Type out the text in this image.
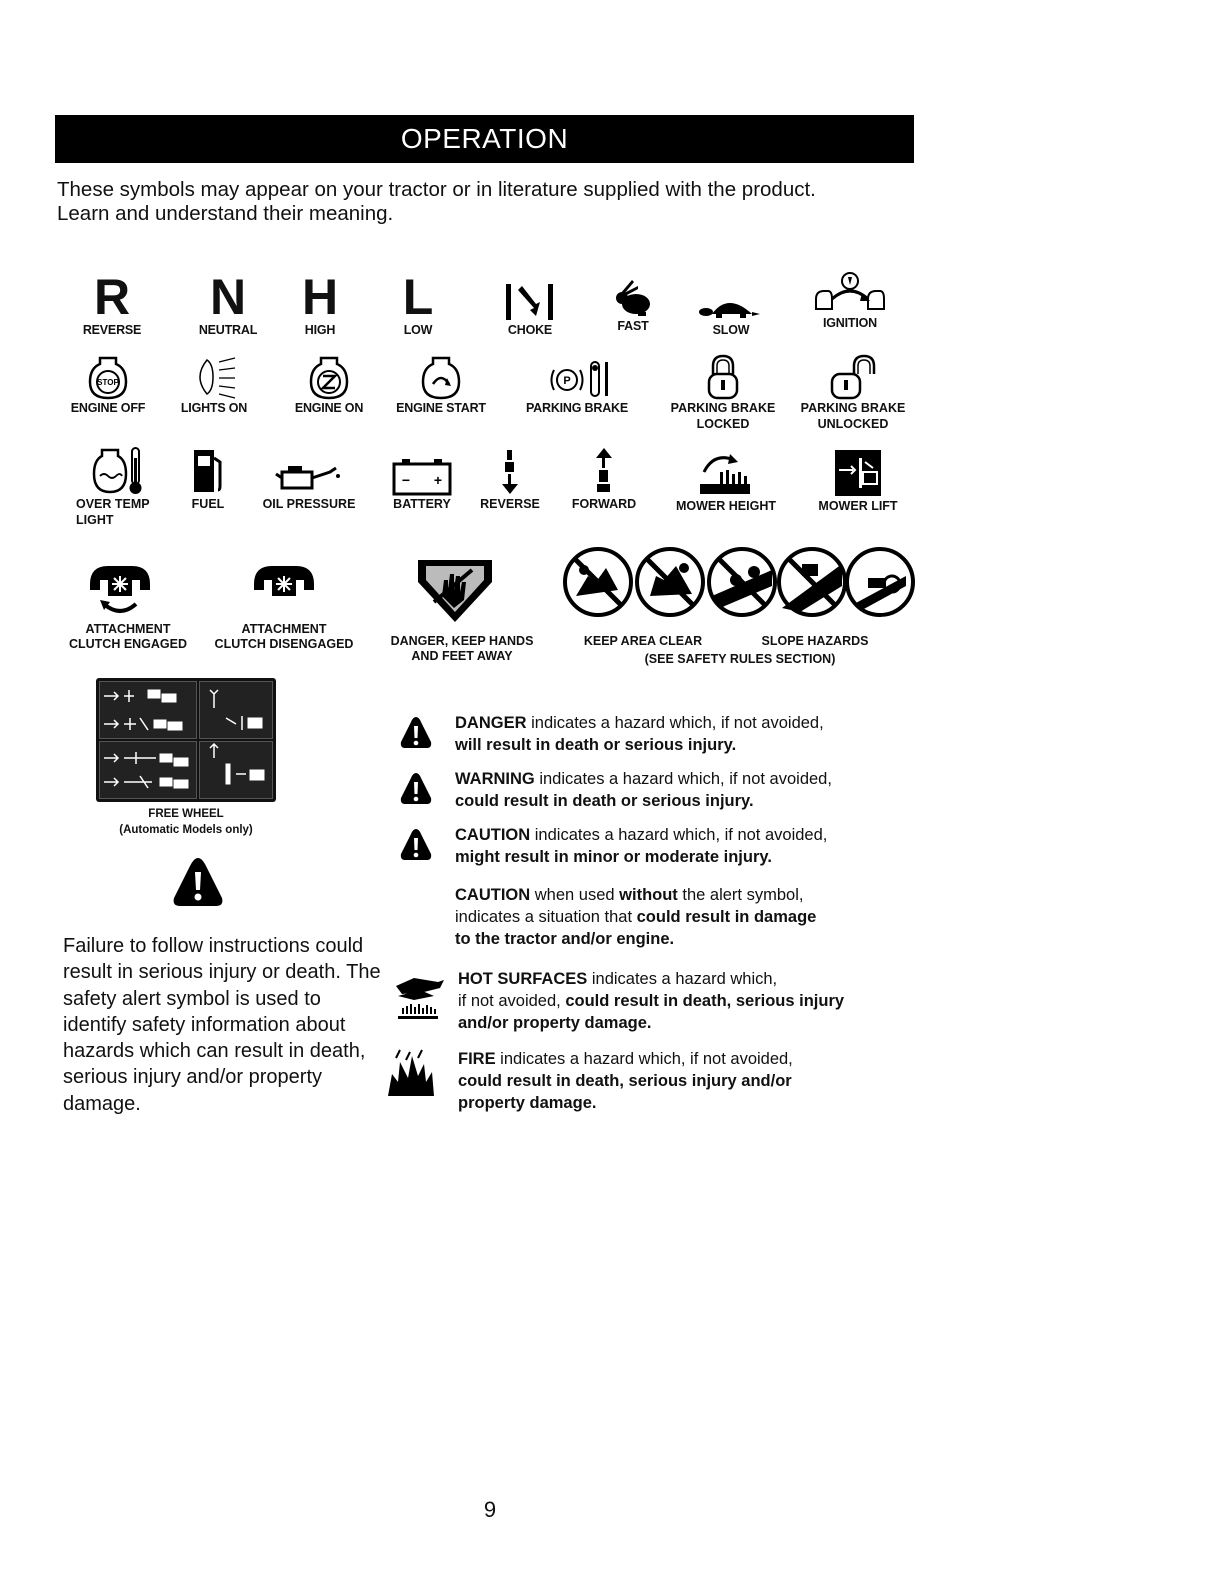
OPERATION
These symbols may appear on your tractor or in literature supplied with the product.
Learn and understand their meaning.
R
REVERSE
N
NEUTRAL
H
HIGH
L
LOW	CHOKE	FAST	SLOW	IGNITION
STOP
ENGINE OFF	LIGHTS ON	ENGINE ON	ENGINE START
P
PARKING BRAKE	PARKING BRAKE
LOCKED
PARKING BRAKE
UNLOCKED
OVER TEMP
LIGHT
FUEL	OIL PRESSURE
− +
BATTERY	REVERSE	FORWARD	MOWER HEIGHT	MOWER LIFT
ATTACHMENT
CLUTCH ENGAGED
ATTACHMENT
CLUTCH DISENGAGED	DANGER, KEEP HANDS
AND FEET AWAY
KEEP AREA CLEAR	SLOPE HAZARDS
(SEE SAFETY RULES SECTION)
FREE WHEEL
(Automatic Models only)
Failure to follow instructions could result in serious injury or death. The safety alert symbol is used to identify safety information about hazards which can result in death, serious injury and/or property damage.
DANGER indicates a hazard which, if not avoided,
will result in death or serious injury.
WARNING indicates a hazard which, if not avoided,
could result in death or serious injury.
CAUTION indicates a hazard which, if not avoided,
might result in minor or moderate injury.
CAUTION when used without the alert symbol,
indicates a situation that could result in damage
to the tractor and/or engine.
HOT SURFACES indicates a hazard which,
if not avoided, could result in death, serious injury
and/or property damage.
FIRE indicates a hazard which, if not avoided,
could result in death, serious injury and/or
property damage.
9
